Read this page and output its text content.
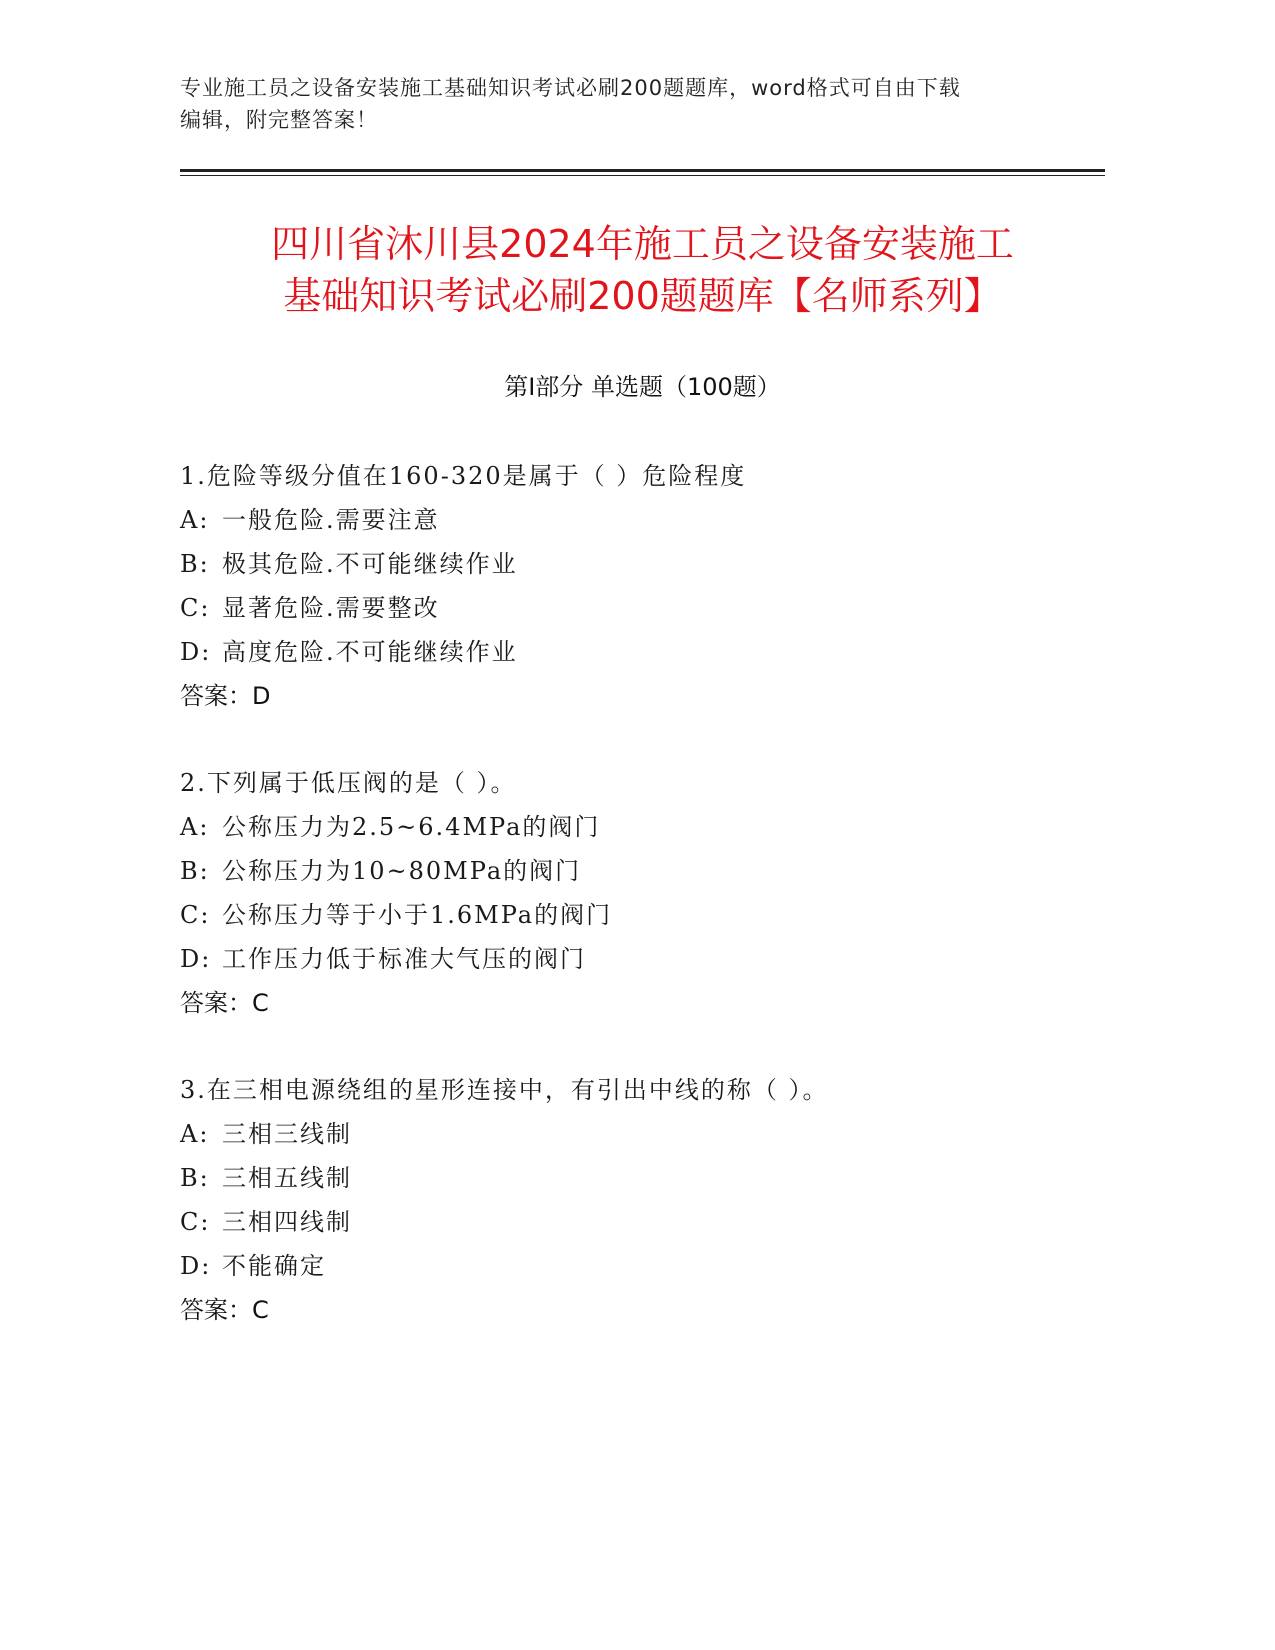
专业施工员之设备安装施工基础知识考试必刷200题题库，word格式可自由下载
编辑，附完整答案！
四川省沐川县2024年施工员之设备安装施工
基础知识考试必刷200题题库【名师系列】
第Ⅰ部分 单选题（100题）
1.危险等级分值在160-320是属于（ ）危险程度
A: 一般危险.需要注意
B: 极其危险.不可能继续作业
C: 显著危险.需要整改
D: 高度危险.不可能继续作业
答案：D
2.下列属于低压阀的是（ ）。
A: 公称压力为2.5~6.4MPa的阀门
B: 公称压力为10~80MPa的阀门
C: 公称压力等于小于1.6MPa的阀门
D: 工作压力低于标准大气压的阀门
答案：C
3.在三相电源绕组的星形连接中，有引出中线的称（ ）。
A: 三相三线制
B: 三相五线制
C: 三相四线制
D: 不能确定
答案：C
